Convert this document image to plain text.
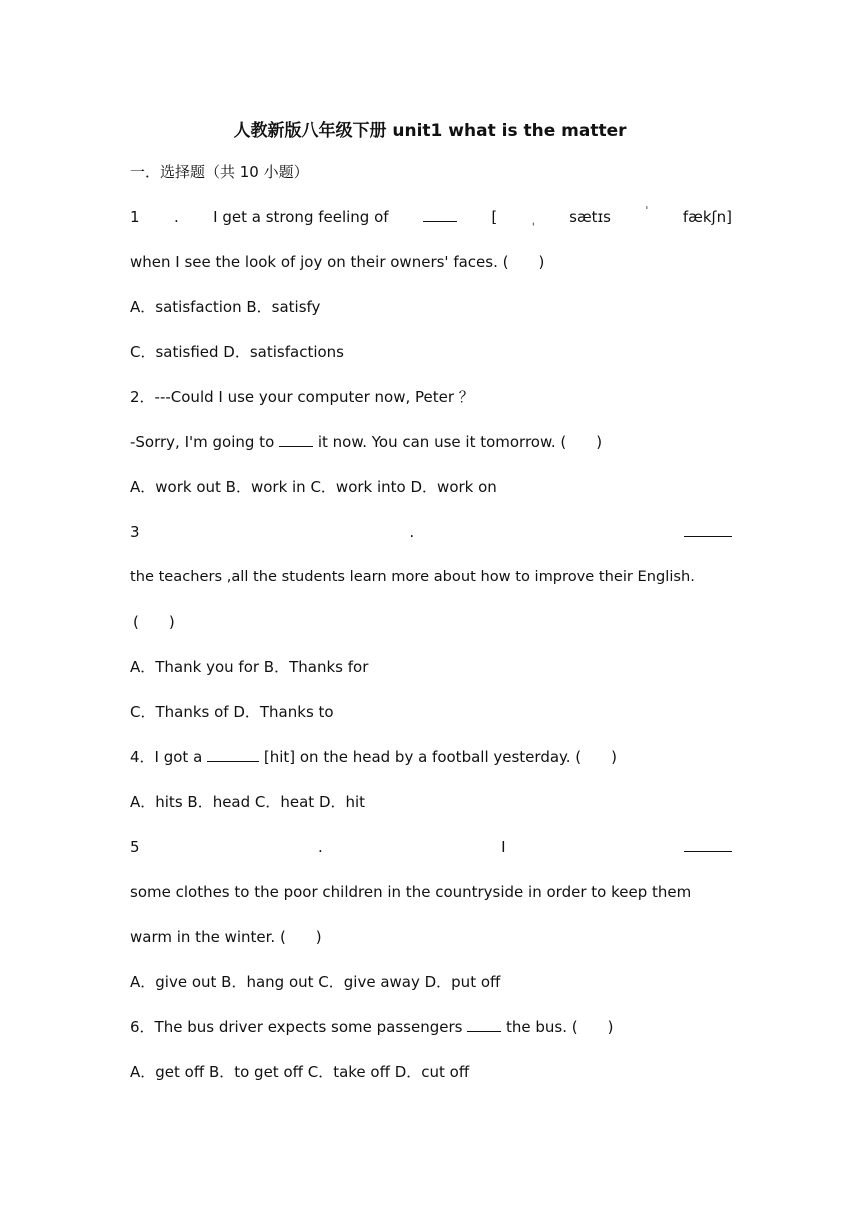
人教新版八年级下册 unit1 what is the matter
一．选择题（共 10 小题）
1 . I get a strong feeling of	[	ˌ sætɪs	ˈ fækʃn]
when I see the look of joy on their owners' faces. (　　)
A．satisfaction B．satisfy
C．satisfied D．satisfactions
2．---Could I use your computer now, Peter ？
-Sorry, I'm going to	it now. You can use it tomorrow. (　　)
A．work out B．work in C．work into D．work on
3	.
the teachers ,all the students learn more about how to improve their English.
(　　)
A．Thank you for B．Thanks for
C．Thanks of D．Thanks to
4．I got a	[hit] on the head by a football yesterday. (　　)
A．hits B．head C．heat D．hit
5	.	I
some clothes to the poor children in the countryside in order to keep them
warm in the winter. (　　)
A．give out B．hang out C．give away D．put off
6．The bus driver expects some passengers	the bus. (　　)
A．get off B．to get off C．take off D．cut off
